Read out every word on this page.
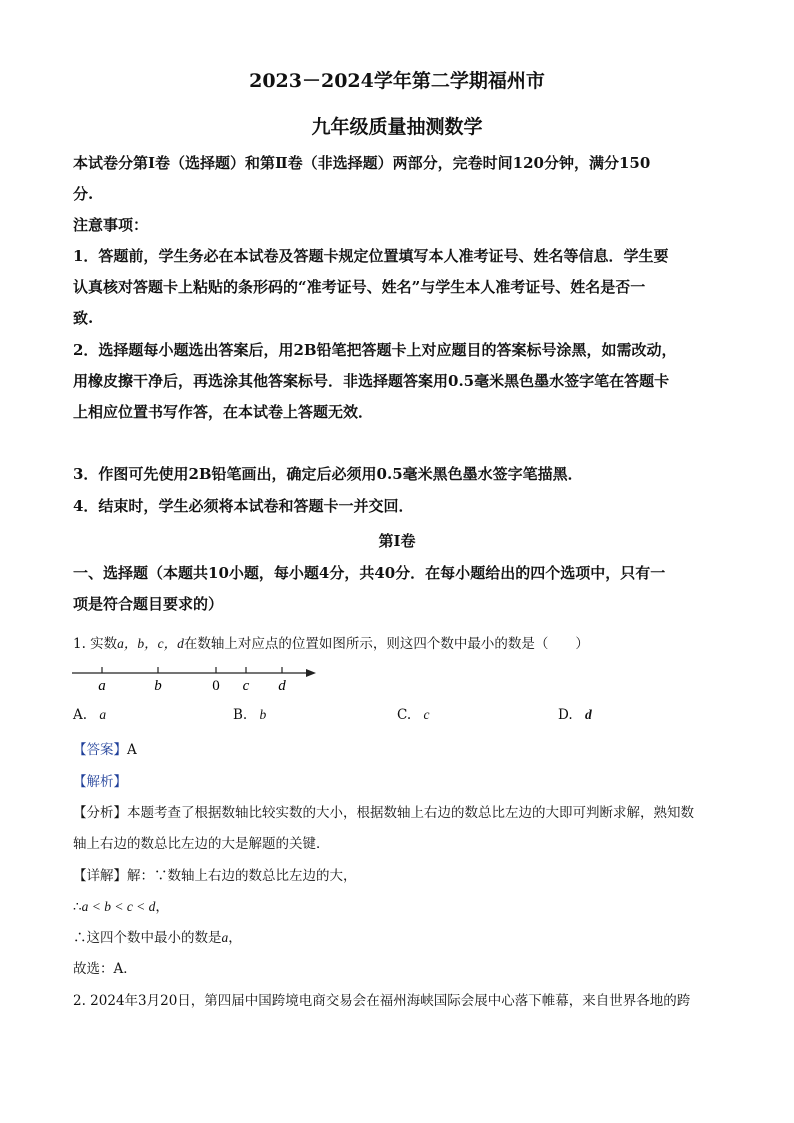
2023－2024学年第二学期福州市
九年级质量抽测数学
本试卷分第Ⅰ卷（选择题）和第Ⅱ卷（非选择题）两部分，完卷时间120分钟，满分150
分.
注意事项：
1．答题前，学生务必在本试卷及答题卡规定位置填写本人准考证号、姓名等信息．学生要
认真核对答题卡上粘贴的条形码的“准考证号、姓名”与学生本人准考证号、姓名是否一
致.
2．选择题每小题选出答案后，用2B铅笔把答题卡上对应题目的答案标号涂黑，如需改动，
用橡皮擦干净后，再选涂其他答案标号．非选择题答案用0.5毫米黑色墨水签字笔在答题卡
上相应位置书写作答，在本试卷上答题无效．
3．作图可先使用2B铅笔画出，确定后必须用0.5毫米黑色墨水签字笔描黑．
4．结束时，学生必须将本试卷和答题卡一并交回．
第Ⅰ卷
一、选择题（本题共10小题，每小题4分，共40分．在每小题给出的四个选项中，只有一
项是符合题目要求的）
1. 实数a，b，c，d在数轴上对应点的位置如图所示，则这四个数中最小的数是（　　）
a	b	0 c d
A. a	B. b	C. c	D. d
【答案】A
【解析】
【分析】本题考查了根据数轴比较实数的大小，根据数轴上右边的数总比左边的大即可判断求解，熟知数
轴上右边的数总比左边的大是解题的关键．
【详解】解：∵数轴上右边的数总比左边的大，
∴a < b < c < d，
∴这四个数中最小的数是a，
故选：A．
2. 2024年3月20日，第四届中国跨境电商交易会在福州海峡国际会展中心落下帷幕，来自世界各地的跨
